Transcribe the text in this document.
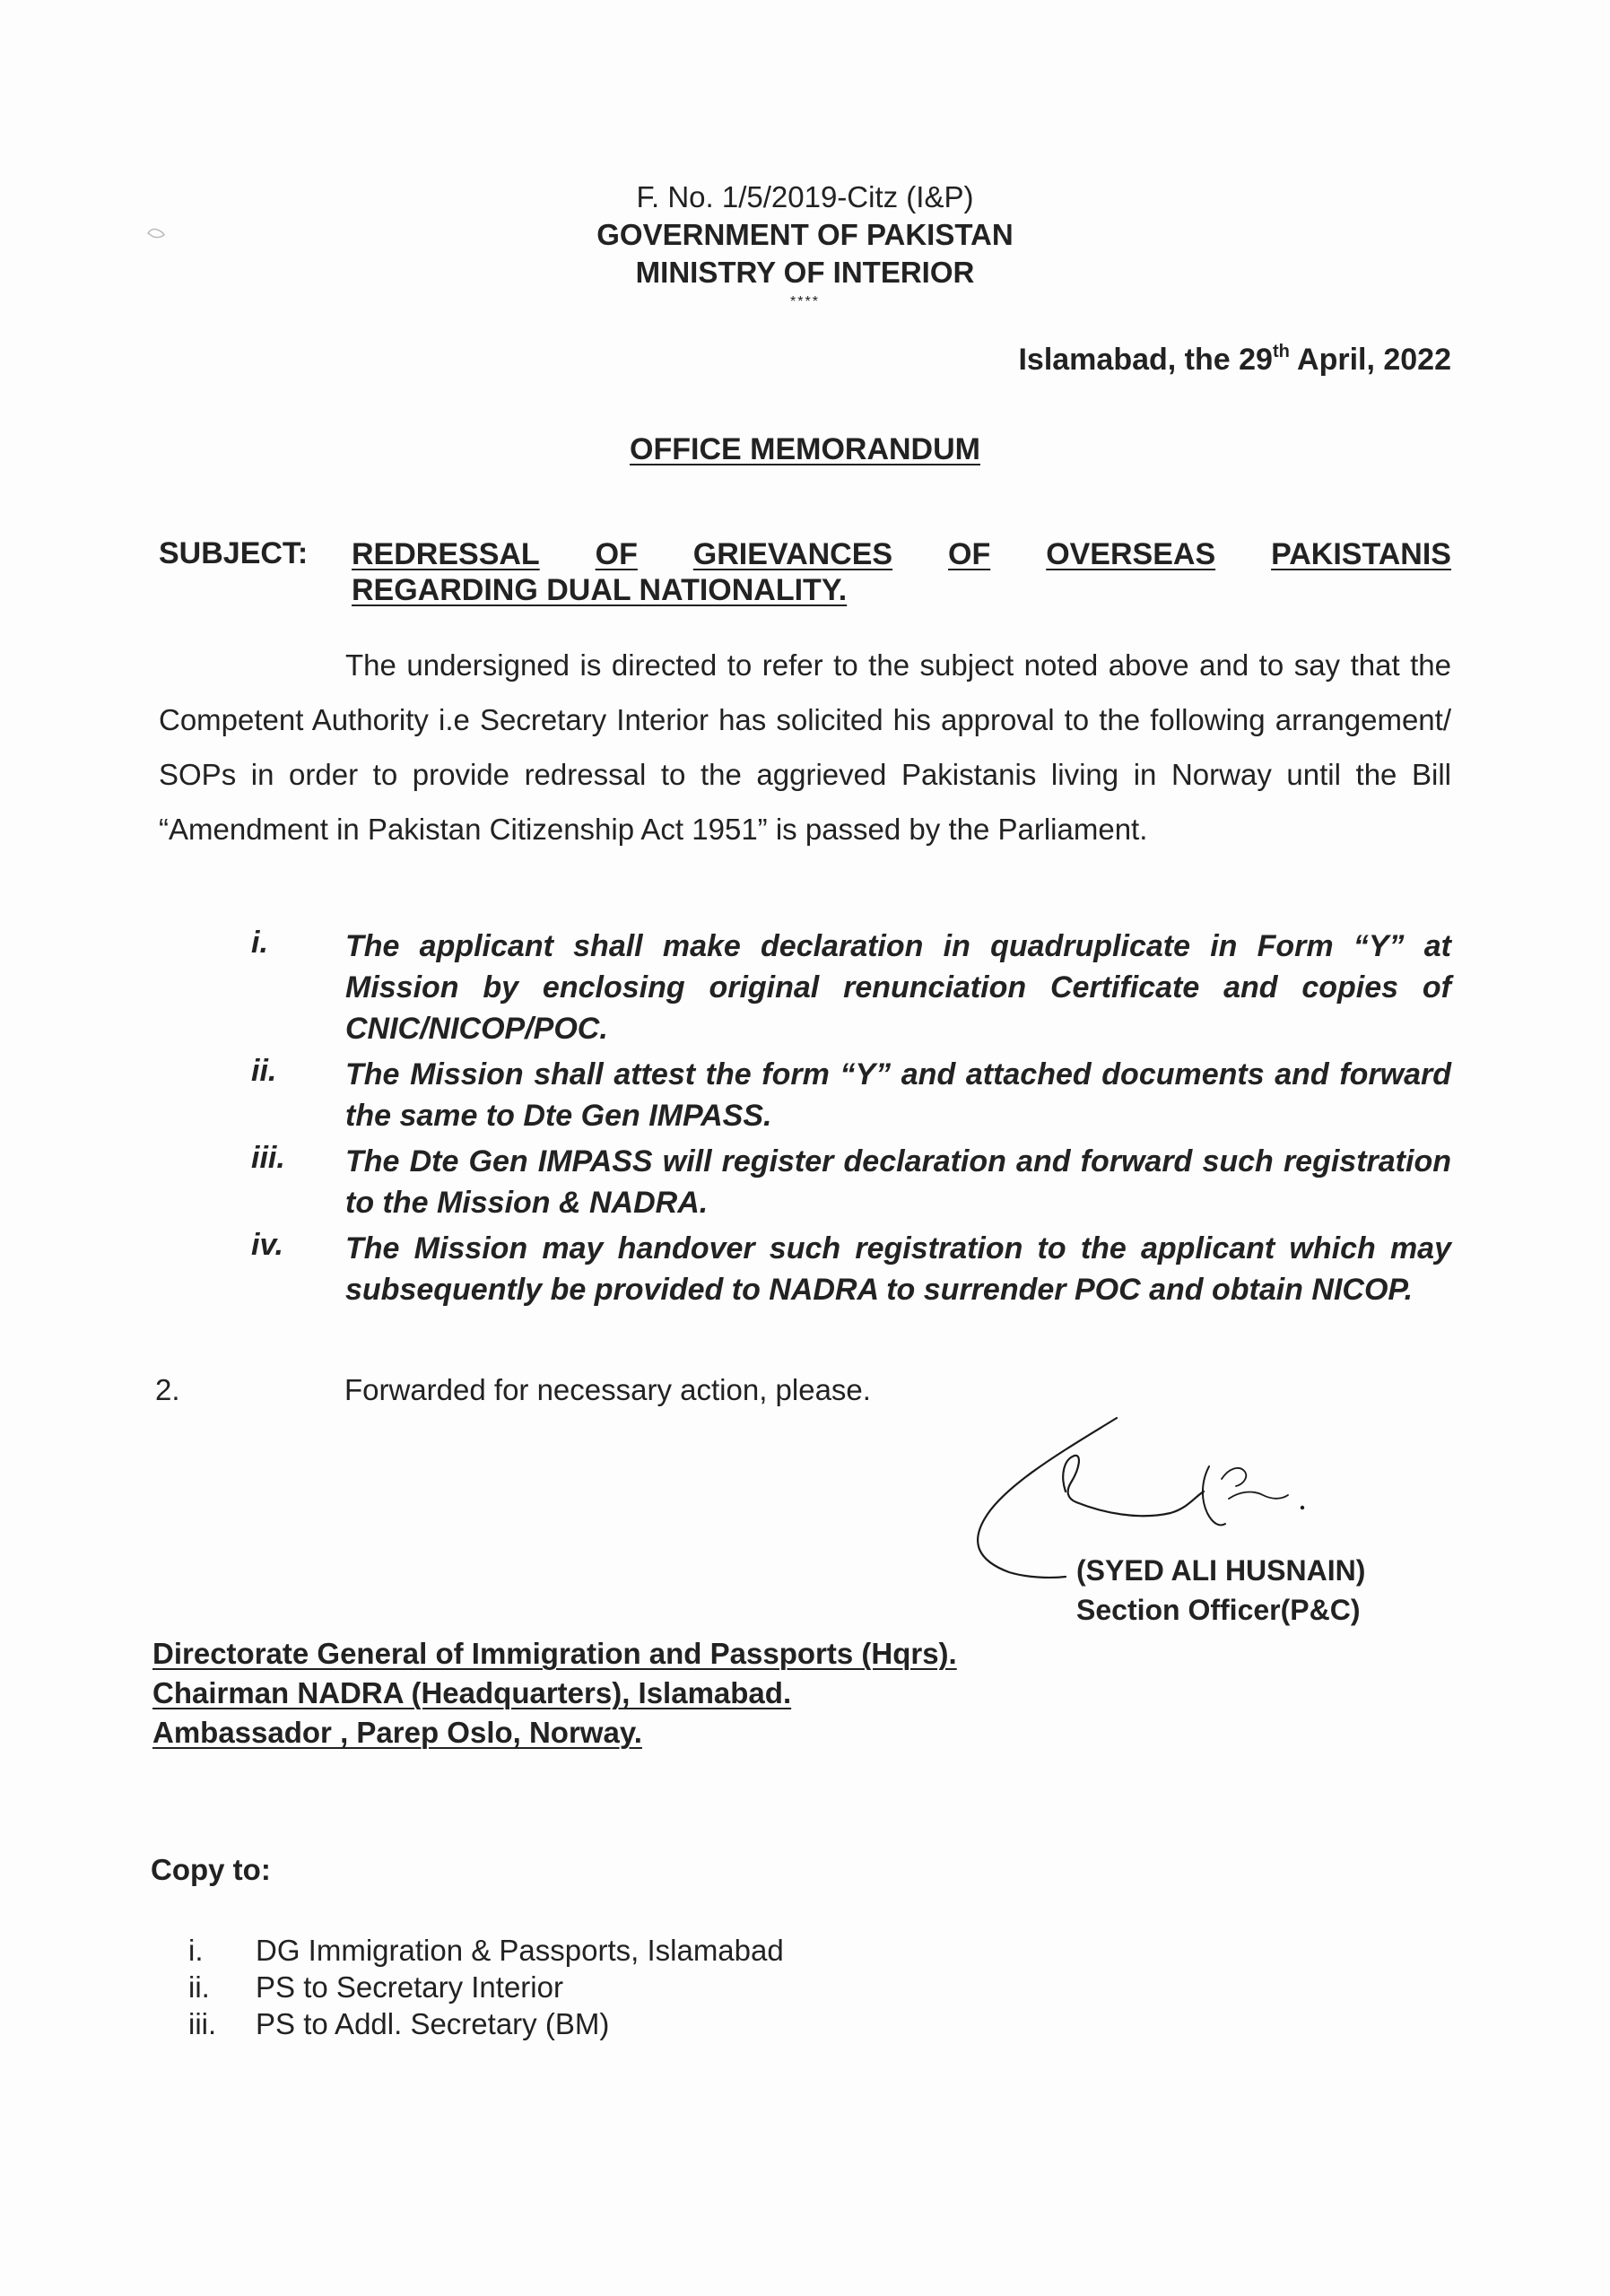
F. No. 1/5/2019-Citz (I&P)
GOVERNMENT OF PAKISTAN
MINISTRY OF INTERIOR
****
Islamabad, the 29th April, 2022
OFFICE MEMORANDUM
SUBJECT: REDRESSAL OF GRIEVANCES OF OVERSEAS PAKISTANIS
REGARDING DUAL NATIONALITY.
The undersigned is directed to refer to the subject noted above and to say that the Competent Authority i.e Secretary Interior has solicited his approval to the following arrangement/ SOPs in order to provide redressal to the aggrieved Pakistanis living in Norway until the Bill “Amendment in Pakistan Citizenship Act 1951” is passed by the Parliament.
i.	The applicant shall make declaration in quadruplicate in Form “Y” at Mission by enclosing original renunciation Certificate and copies of CNIC/NICOP/POC.
ii.	The Mission shall attest the form “Y” and attached documents and forward the same to Dte Gen IMPASS.
iii.	The Dte Gen IMPASS will register declaration and forward such registration to the Mission & NADRA.
iv.	The Mission may handover such registration to the applicant which may subsequently be provided to NADRA to surrender POC and obtain NICOP.
2.	Forwarded for necessary action, please.
(SYED ALI HUSNAIN)
Section Officer(P&C)
Directorate General of Immigration and Passports (Hqrs).
Chairman NADRA (Headquarters), Islamabad.
Ambassador , Parep Oslo, Norway.
Copy to:
i.	DG Immigration & Passports, Islamabad
ii.	PS to Secretary Interior
iii.	PS to Addl. Secretary (BM)
